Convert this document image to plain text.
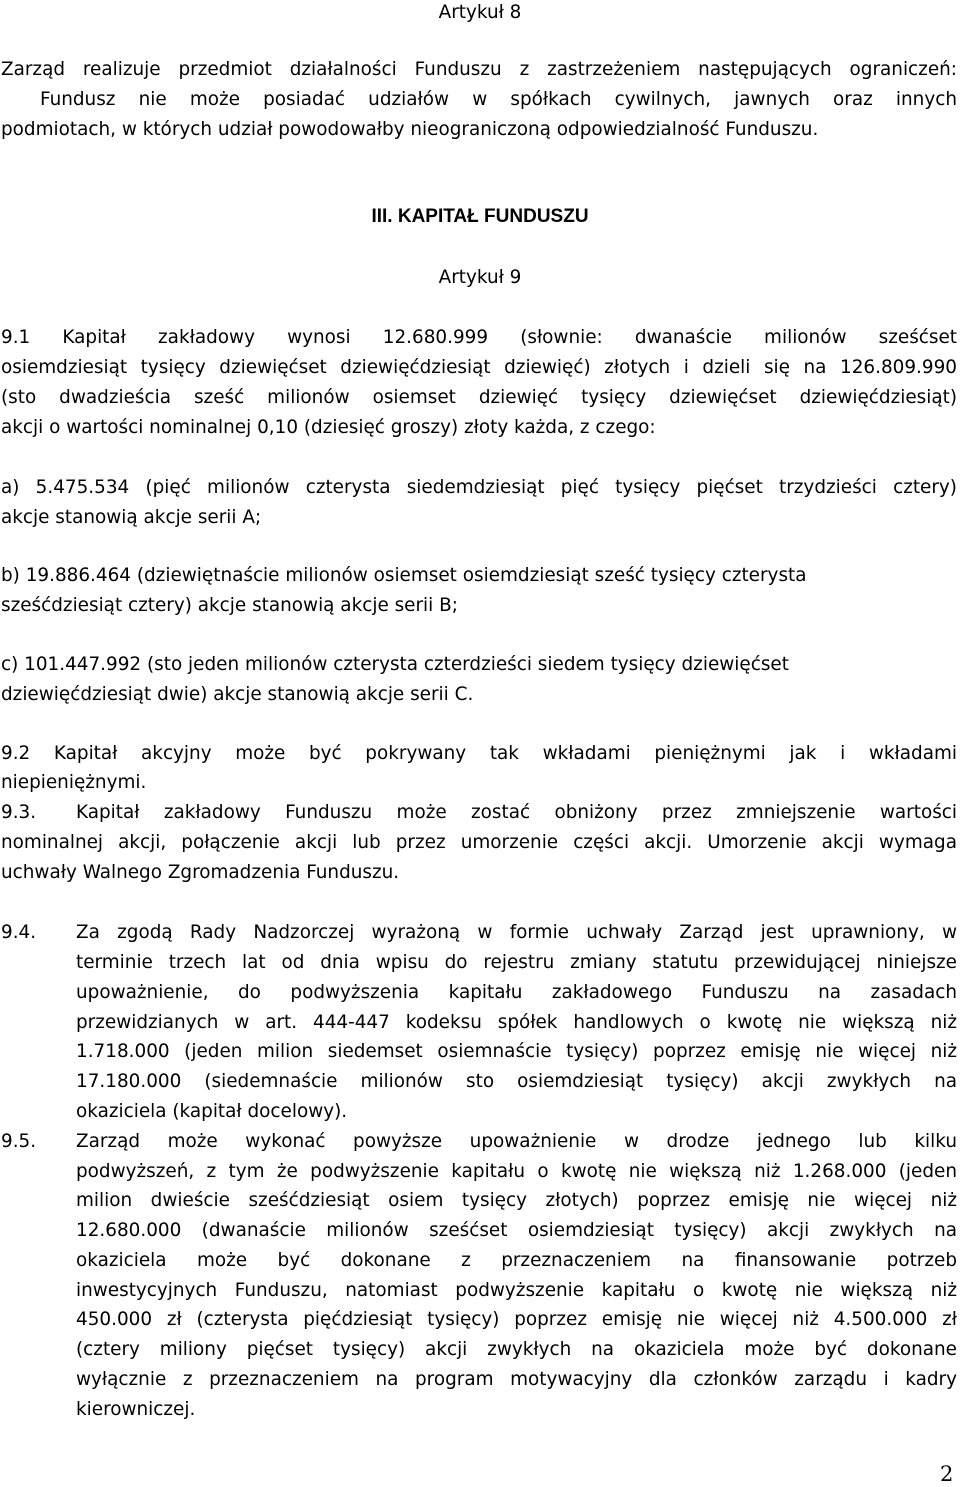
Artykuł 8
Zarząd realizuje przedmiot działalności Funduszu z zastrzeżeniem następujących ograniczeń:
Fundusz nie może posiadać udziałów w spółkach cywilnych, jawnych oraz innych
podmiotach, w których udział powodowałby nieograniczoną odpowiedzialność Funduszu.
III. KAPITAŁ FUNDUSZU
Artykuł 9
9.1 Kapitał zakładowy wynosi 12.680.999 (słownie: dwanaście milionów sześćset
osiemdziesiąt tysięcy dziewięćset dziewięćdziesiąt dziewięć) złotych i dzieli się na 126.809.990
(sto dwadzieścia sześć milionów osiemset dziewięć tysięcy dziewięćset dziewięćdziesiąt)
akcji o wartości nominalnej 0,10 (dziesięć groszy) złoty każda, z czego:
a) 5.475.534 (pięć milionów czterysta siedemdziesiąt pięć tysięcy pięćset trzydzieści cztery)
akcje stanowią akcje serii A;
b) 19.886.464 (dziewiętnaście milionów osiemset osiemdziesiąt sześć tysięcy czterysta
sześćdziesiąt cztery) akcje stanowią akcje serii B;
c) 101.447.992 (sto jeden milionów czterysta czterdzieści siedem tysięcy dziewięćset
dziewięćdziesiąt dwie) akcje stanowią akcje serii C.
9.2 Kapitał akcyjny może być pokrywany tak wkładami pieniężnymi jak i wkładami
niepieniężnymi.
9.3. Kapitał zakładowy Funduszu może zostać obniżony przez zmniejszenie wartości
nominalnej akcji, połączenie akcji lub przez umorzenie części akcji. Umorzenie akcji wymaga
uchwały Walnego Zgromadzenia Funduszu.
9.4. Za zgodą Rady Nadzorczej wyrażoną w formie uchwały Zarząd jest uprawniony, w
terminie trzech lat od dnia wpisu do rejestru zmiany statutu przewidującej niniejsze
upoważnienie, do podwyższenia kapitału zakładowego Funduszu na zasadach
przewidzianych w art. 444-447 kodeksu spółek handlowych o kwotę nie większą niż
1.718.000 (jeden milion siedemset osiemnaście tysięcy) poprzez emisję nie więcej niż
17.180.000 (siedemnaście milionów sto osiemdziesiąt tysięcy) akcji zwykłych na
okaziciela (kapitał docelowy).
9.5. Zarząd może wykonać powyższe upoważnienie w drodze jednego lub kilku
podwyższeń, z tym że podwyższenie kapitału o kwotę nie większą niż 1.268.000 (jeden
milion dwieście sześćdziesiąt osiem tysięcy złotych) poprzez emisję nie więcej niż
12.680.000 (dwanaście milionów sześćset osiemdziesiąt tysięcy) akcji zwykłych na
okaziciela może być dokonane z przeznaczeniem na finansowanie potrzeb
inwestycyjnych Funduszu, natomiast podwyższenie kapitału o kwotę nie większą niż
450.000 zł (czterysta pięćdziesiąt tysięcy) poprzez emisję nie więcej niż 4.500.000 zł
(cztery miliony pięćset tysięcy) akcji zwykłych na okaziciela może być dokonane
wyłącznie z przeznaczeniem na program motywacyjny dla członków zarządu i kadry
kierowniczej.
2
